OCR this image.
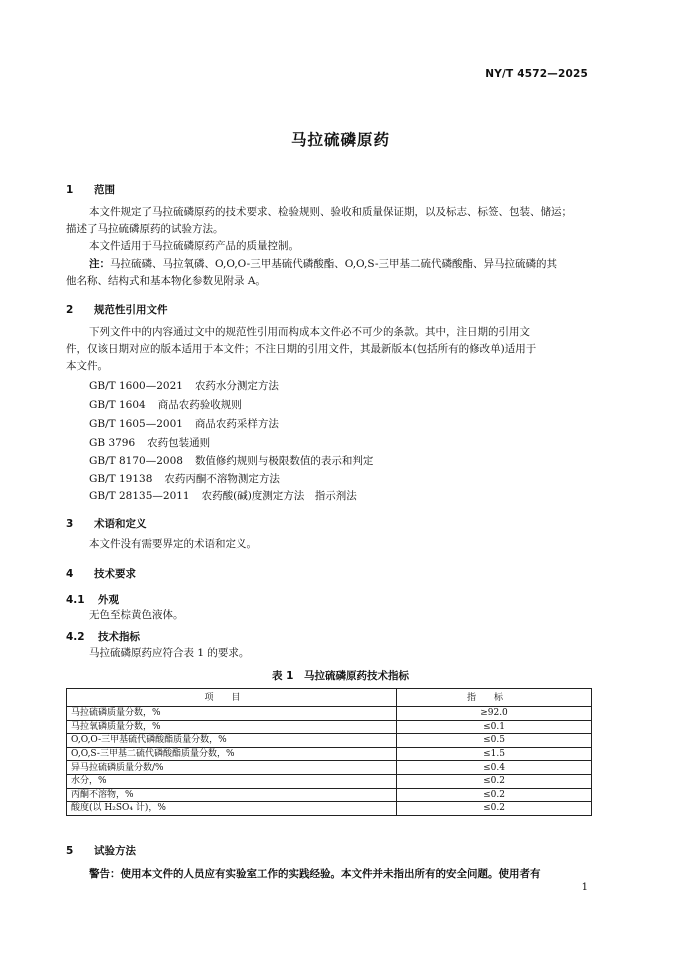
NY/T 4572—2025
马拉硫磷原药
1 范围
本文件规定了马拉硫磷原药的技术要求、检验规则、验收和质量保证期，以及标志、标签、包装、储运；
描述了马拉硫磷原药的试验方法。
本文件适用于马拉硫磷原药产品的质量控制。
注：马拉硫磷、马拉氧磷、O,O,O-三甲基硫代磷酸酯、O,O,S-三甲基二硫代磷酸酯、异马拉硫磷的其
他名称、结构式和基本物化参数见附录 A。
2 规范性引用文件
下列文件中的内容通过文中的规范性引用而构成本文件必不可少的条款。其中，注日期的引用文
件，仅该日期对应的版本适用于本文件；不注日期的引用文件，其最新版本(包括所有的修改单)适用于
本文件。
GB/T 1600—2021 农药水分测定方法
GB/T 1604 商品农药验收规则
GB/T 1605—2001 商品农药采样方法
GB 3796 农药包装通则
GB/T 8170—2008 数值修约规则与极限数值的表示和判定
GB/T 19138 农药丙酮不溶物测定方法
GB/T 28135—2011 农药酸(碱)度测定方法　指示剂法
3 术语和定义
本文件没有需要界定的术语和定义。
4 技术要求
4.1 外观
无色至棕黄色液体。
4.2 技术指标
马拉硫磷原药应符合表 1 的要求。
表 1　马拉硫磷原药技术指标
项目	指标
马拉硫磷质量分数，%	≥92.0
马拉氧磷质量分数，%	≤0.1
O,O,O-三甲基硫代磷酸酯质量分数，%	≤0.5
O,O,S-三甲基二硫代磷酸酯质量分数，%	≤1.5
异马拉硫磷质量分数/%	≤0.4
水分，%	≤0.2
丙酮不溶物，%	≤0.2
酸度(以 H₂SO₄ 计)，%	≤0.2
5 试验方法
警告：使用本文件的人员应有实验室工作的实践经验。本文件并未指出所有的安全问题。使用者有
1
